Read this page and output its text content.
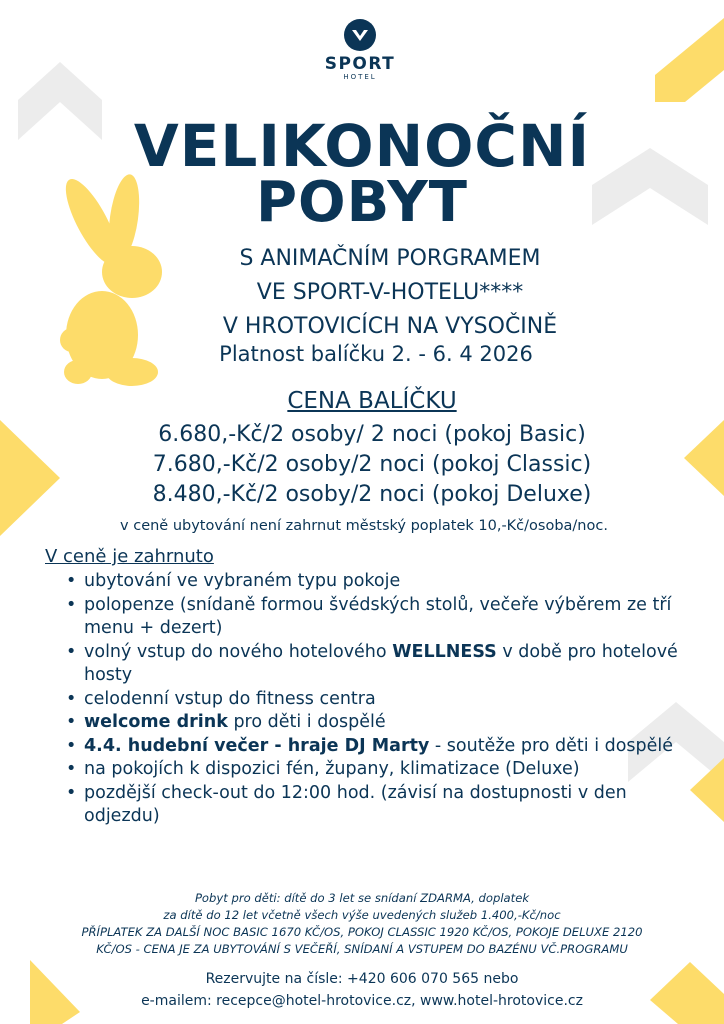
SPORT
HOTEL
VELIKONOČNÍ
POBYT
S ANIMAČNÍM PORGRAMEM
VE SPORT-V-HOTELU****
V HROTOVICÍCH NA VYSOČINĚ
Platnost balíčku 2. - 6. 4 2026
CENA BALÍČKU
6.680,-Kč/2 osoby/ 2 noci (pokoj Basic)
7.680,-Kč/2 osoby/2 noci (pokoj Classic)
8.480,-Kč/2 osoby/2 noci (pokoj Deluxe)
v ceně ubytování není zahrnut městský poplatek 10,-Kč/osoba/noc.
V ceně je zahrnuto
• ubytování ve vybraném typu pokoje
• polopenze (snídaně formou švédských stolů, večeře výběrem ze tří menu + dezert)
• volný vstup do nového hotelového WELLNESS v době pro hotelové hosty
• celodenní vstup do fitness centra
• welcome drink pro děti i dospělé
• 4.4. hudební večer - hraje DJ Marty - soutěže pro děti i dospělé
• na pokojích k dispozici fén, župany, klimatizace (Deluxe)
• pozdější check-out do 12:00 hod. (závisí na dostupnosti v den odjezdu)
Pobyt pro děti: dítě do 3 let se snídaní ZDARMA, doplatek
za dítě do 12 let včetně všech výše uvedených služeb 1.400,-Kč/noc
PŘÍPLATEK ZA DALŠÍ NOC BASIC 1670 KČ/OS, POKOJ CLASSIC 1920 KČ/OS, POKOJE DELUXE 2120
KČ/OS - CENA JE ZA UBYTOVÁNÍ S VEČEŘÍ, SNÍDANÍ A VSTUPEM DO BAZÉNU VČ.PROGRAMU
Rezervujte na čísle: +420 606 070 565 nebo
e-mailem: recepce@hotel-hrotovice.cz, www.hotel-hrotovice.cz
